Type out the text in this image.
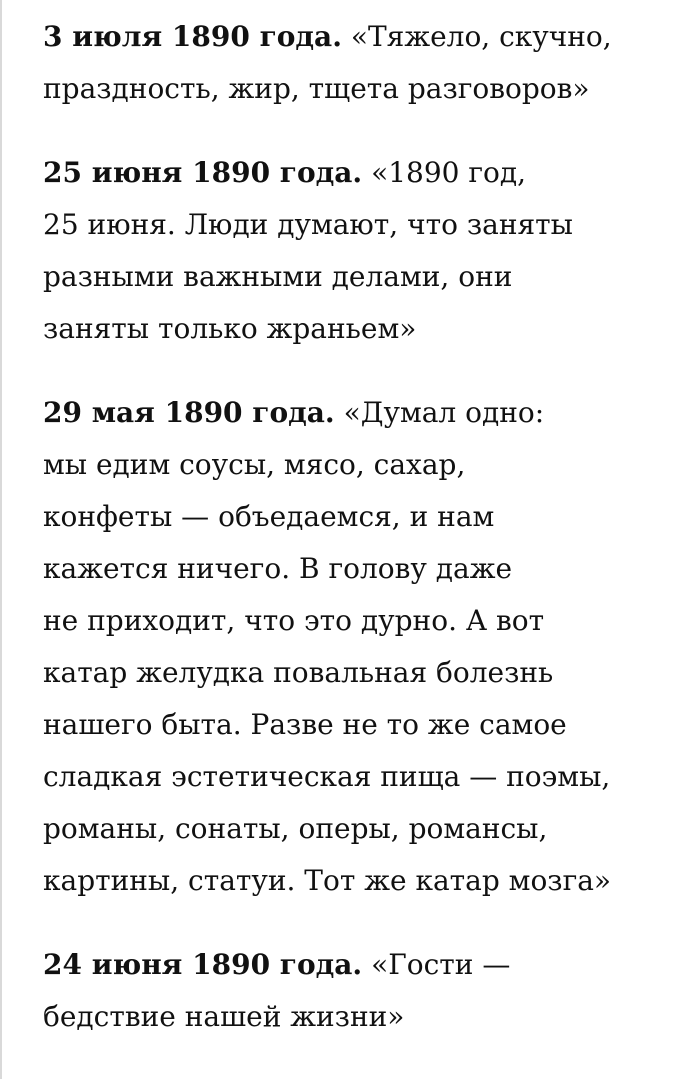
3 июля 1890 года. «Тяжело, скучно,
праздность, жир, тщета разговоров»

25 июня 1890 года. «1890 год,
25 июня. Люди думают, что заняты
разными важными делами, они
заняты только жраньем»

29 мая 1890 года. «Думал одно:
мы едим соусы, мясо, сахар,
конфеты — объедаемся, и нам
кажется ничего. В голову даже
не приходит, что это дурно. А вот
катар желудка повальная болезнь
нашего быта. Разве не то же самое
сладкая эстетическая пища — поэмы,
романы, сонаты, оперы, романсы,
картины, статуи. Тот же катар мозга»

24 июня 1890 года. «Гости —
бедствие нашей жизни»
